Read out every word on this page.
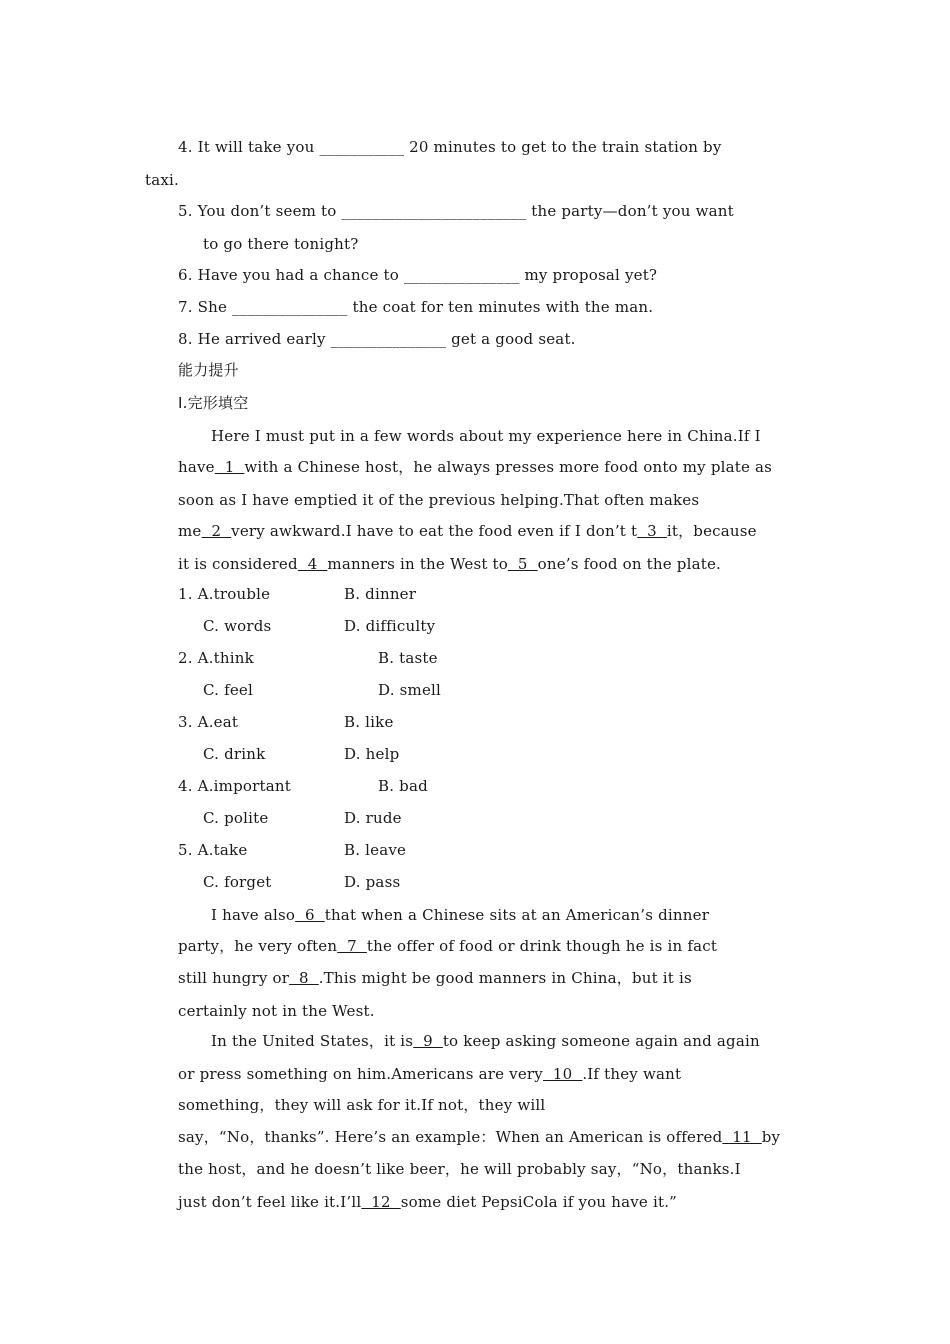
4. It will take you ___________ 20 minutes to get to the train station by
taxi.
5. You don’t seem to ________________________ the party—don’t you want
to go there tonight?
6. Have you had a chance to _______________ my proposal yet?
7. She _______________ the coat for ten minutes with the man.
8. He arrived early _______________ get a good seat.
能力提升
Ⅰ.完形填空
Here I must put in a few words about my experience here in China.If I
have  1  with a Chinese host，he always presses more food onto my plate as
soon as I have emptied it of the previous helping.That often makes
me  2  very awkward.I have to eat the food even if I don’t t  3  it，because
it is considered  4  manners in the West to  5  one’s food on the plate.
1. A.trouble	B. dinner
C. words	D. difficulty
2. A.think	B. taste
C. feel	D. smell
3. A.eat	B. like
C. drink	D. help
4. A.important	B. bad
C. polite	D. rude
5. A.take	B. leave
C. forget	D. pass
I have also  6  that when a Chinese sits at an American’s dinner
party，he very often  7  the offer of food or drink though he is in fact
still hungry or  8  .This might be good manners in China，but it is
certainly not in the West.
In the United States，it is  9  to keep asking someone again and again
or press something on him.Americans are very  10  .If they want
something，they will ask for it.If not，they will
say，“No，thanks”. Here’s an example：When an American is offered  11  by
the host，and he doesn’t like beer，he will probably say，“No，thanks.I
just don’t feel like it.I’ll  12  some diet PepsiCola if you have it.”
